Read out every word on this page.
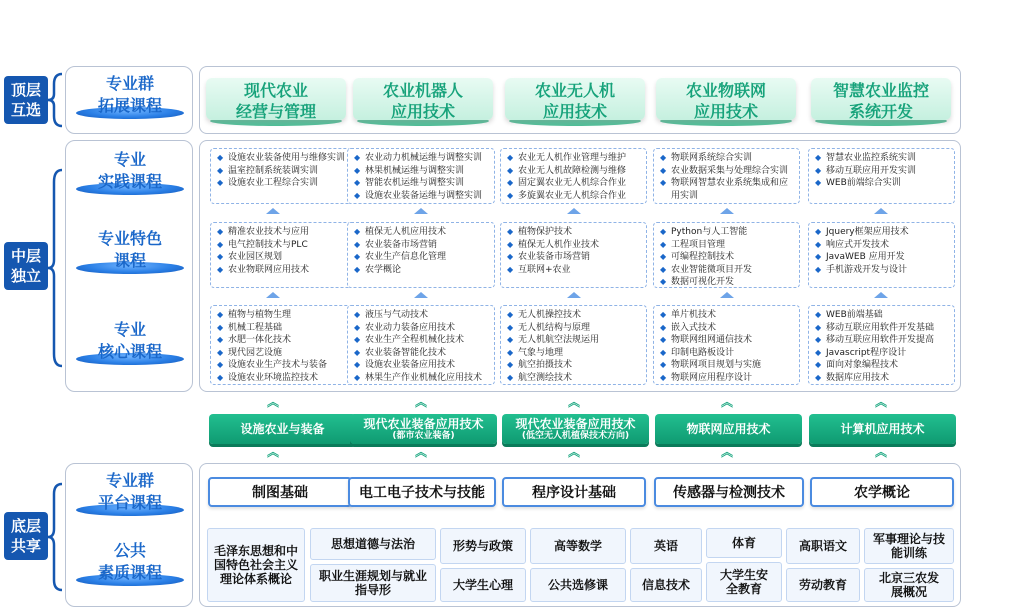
顶层互选
中层独立
底层共享
专业群
拓展课程
专业
实践课程
专业特色
课程
专业
核心课程
专业群
平台课程
公共
素质课程
现代农业
经营与管理
农业机器人
应用技术
农业无人机
应用技术
农业物联网
应用技术
智慧农业监控
系统开发
◆ 设施农业装备使用与维修实训
◆ 温室控制系统装调实训
◆ 设施农业工程综合实训
◆ 农业动力机械运维与调整实训
◆ 林果机械运维与调整实训
◆ 智能农机运维与调整实训
◆ 设施农业装备运维与调整实训
◆ 农业无人机作业管理与维护
◆ 农业无人机故障检测与维修
◆ 固定翼农业无人机综合作业
◆ 多旋翼农业无人机综合作业
◆ 物联网系统综合实训
◆ 农业数据采集与处理综合实训
◆ 物联网智慧农业系统集成和应用实训
◆ 智慧农业监控系统实训
◆ 移动互联应用开发实训
◆ WEB前端综合实训
◆ 精准农业技术与应用
◆ 电气控制技术与PLC
◆ 农业园区规划
◆ 农业物联网应用技术
◆ 植保无人机应用技术
◆ 农业装备市场营销
◆ 农业生产信息化管理
◆ 农学概论
◆ 植物保护技术
◆ 植保无人机作业技术
◆ 农业装备市场营销
◆ 互联网+农业
◆ Python与人工智能
◆ 工程项目管理
◆ 可编程控制技术
◆ 农业智能微项目开发
◆ 数据可视化开发
◆ Jquery框架应用技术
◆ 响应式开发技术
◆ JavaWEB 应用开发
◆ 手机游戏开发与设计
◆ 植物与植物生理
◆ 机械工程基础
◆ 水肥一体化技术
◆ 现代园艺设施
◆ 设施农业生产技术与装备
◆ 设施农业环境监控技术
◆ 液压与气动技术
◆ 农业动力装备应用技术
◆ 农业生产全程机械化技术
◆ 农业装备智能化技术
◆ 设施农业装备应用技术
◆ 林果生产作业机械化应用技术
◆ 无人机操控技术
◆ 无人机结构与原理
◆ 无人机航空法规运用
◆ 气象与地理
◆ 航空拍摄技术
◆ 航空测绘技术
◆ 单片机技术
◆ 嵌入式技术
◆ 物联网组网通信技术
◆ 印制电路板设计
◆ 物联网项目规划与实施
◆ 物联网应用程序设计
◆ WEB前端基础
◆ 移动互联应用软件开发基础
◆ 移动互联应用软件开发提高
◆ Javascript程序设计
◆ 面向对象编程技术
◆ 数据库应用技术
︽	︽	︽	︽	︽
设施农业与装备	现代农业装备应用技术
(都市农业装备)
现代农业装备应用技术
(低空无人机植保技术方向)	物联网应用技术	计算机应用技术
︽	︽	︽	︽	︽
制图基础	电工电子技术与技能	程序设计基础	传感器与检测技术	农学概论
毛泽东思想和中国特色社会主义理论体系概论
思想道德与法治
职业生涯规划与就业指导形
形势与政策
大学生心理
高等数学
公共选修课
英语
信息技术
体育
大学生安全教育
高职语文
劳动教育
军事理论与技能训练
北京三农发展概况
